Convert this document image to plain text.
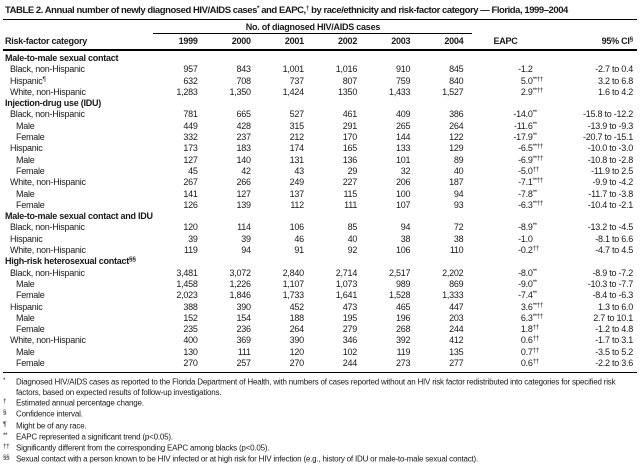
TABLE 2. Annual number of newly diagnosed HIV/AIDS cases* and EAPC,† by race/ethnicity and risk-factor category — Florida, 1999–2004
	No. of diagnosed HIV/AIDS cases							
Risk-factor category	1999	2000	2001	2002	2003	2004	EAPC	95% CI§
Male-to-male sexual contact								
Black, non-Hispanic	957	843	1,001	1,016	910	845	-1.2	-2.7 to 0.4
Hispanic¶	632	708	737	807	759	840	5.0**††	3.2 to 6.8
White, non-Hispanic	1,283	1,350	1,424	1350	1,433	1,527	2.9**††	1.6 to 4.2
Injection-drug use (IDU)								
Black, non-Hispanic	781	665	527	461	409	386	-14.0**	-15.8 to -12.2
Male	449	428	315	291	265	264	-11.6**	-13.9 to -9.3
Female	332	237	212	170	144	122	-17.9**	-20.7 to -15.1
Hispanic	173	183	174	165	133	129	-6.5**††	-10.0 to -3.0
Male	127	140	131	136	101	89	-6.9**††	-10.8 to -2.8
Female	45	42	43	29	32	40	-5.0††	-11.9 to 2.5
White, non-Hispanic	267	266	249	227	206	187	-7.1**††	-9.9 to -4.2
Male	141	127	137	115	100	94	-7.8**	-11.7 to -3.8
Female	126	139	112	111	107	93	-6.3**††	-10.4 to -2.1
Male-to-male sexual contact and IDU								
Black, non-Hispanic	120	114	106	85	94	72	-8.9**	-13.2 to -4.5
Hispanic	39	39	46	40	38	38	-1.0	-8.1 to 6.6
White, non-Hispanic	119	94	91	92	106	110	-0.2††	-4.7 to 4.5
High-risk heterosexual contact§§
Black, non-Hispanic	3,481	3,072	2,840	2,714	2,517	2,202	-8.0**	-8.9 to -7.2
Male	1,458	1,226	1,107	1,073	989	869	-9.0**	-10.3 to -7.7
Female	2,023	1,846	1,733	1,641	1,528	1,333	-7.4**	-8.4 to -6.3
Hispanic	388	390	452	473	465	447	3.6**††	1.3 to 6.0
Male	152	154	188	195	196	203	6.3**††	2.7 to 10.1
Female	235	236	264	279	268	244	1.8††	-1.2 to 4.8
White, non-Hispanic	400	369	390	346	392	412	0.6††	-1.7 to 3.1
Male	130	111	120	102	119	135	0.7††	-3.5 to 5.2
Female	270	257	270	244	273	277	0.6††	-2.2 to 3.6
* Diagnosed HIV/AIDS cases as reported to the Florida Department of Health, with numbers of cases reported without an HIV risk factor redistributed into categories for specified risk factors, based on expected results of follow-up investigations.
† Estimated annual percentage change.
§ Confidence interval.
¶ Might be of any race.
** EAPC represented a significant trend (p<0.05).
†† Significantly different from the corresponding EAPC among blacks (p<0.05).
§§ Sexual contact with a person known to be HIV infected or at high risk for HIV infection (e.g., history of IDU or male-to-male sexual contact).
